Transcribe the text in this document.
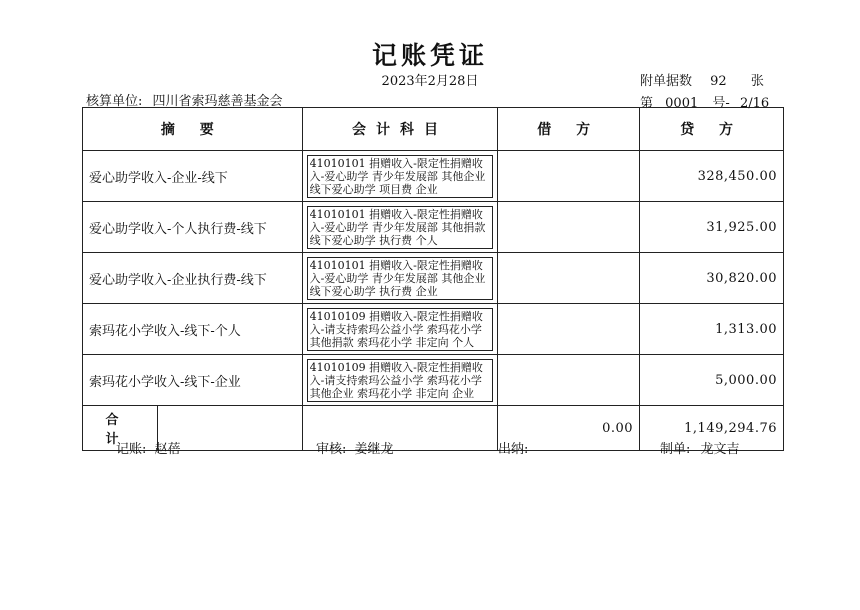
记账凭证
2023年2月28日	附单据数 92 张
核算单位: 四川省索玛慈善基金会	第 0001 号- 2/16
摘 要	会计科目	借 方	贷 方
爱心助学收入-企业-线下	41010101 捐赠收入-限定性捐赠收入-爱心助学 青少年发展部 其他企业 线下爱心助学 项目费 企业		328,450.00
爱心助学收入-个人执行费-线下	41010101 捐赠收入-限定性捐赠收入-爱心助学 青少年发展部 其他捐款 线下爱心助学 执行费 个人		31,925.00
爱心助学收入-企业执行费-线下	41010101 捐赠收入-限定性捐赠收入-爱心助学 青少年发展部 其他企业 线下爱心助学 执行费 企业		30,820.00
索玛花小学收入-线下-个人	41010109 捐赠收入-限定性捐赠收入-请支持索玛公益小学 索玛花小学 其他捐款 索玛花小学 非定向 个人		1,313.00
索玛花小学收入-线下-企业	41010109 捐赠收入-限定性捐赠收入-请支持索玛公益小学 索玛花小学 其他企业 索玛花小学 非定向 企业		5,000.00

合 计		0.00	1,149,294.76
记账: 赵蓓	审核: 姜继龙	出纳:	制单: 龙文吉
